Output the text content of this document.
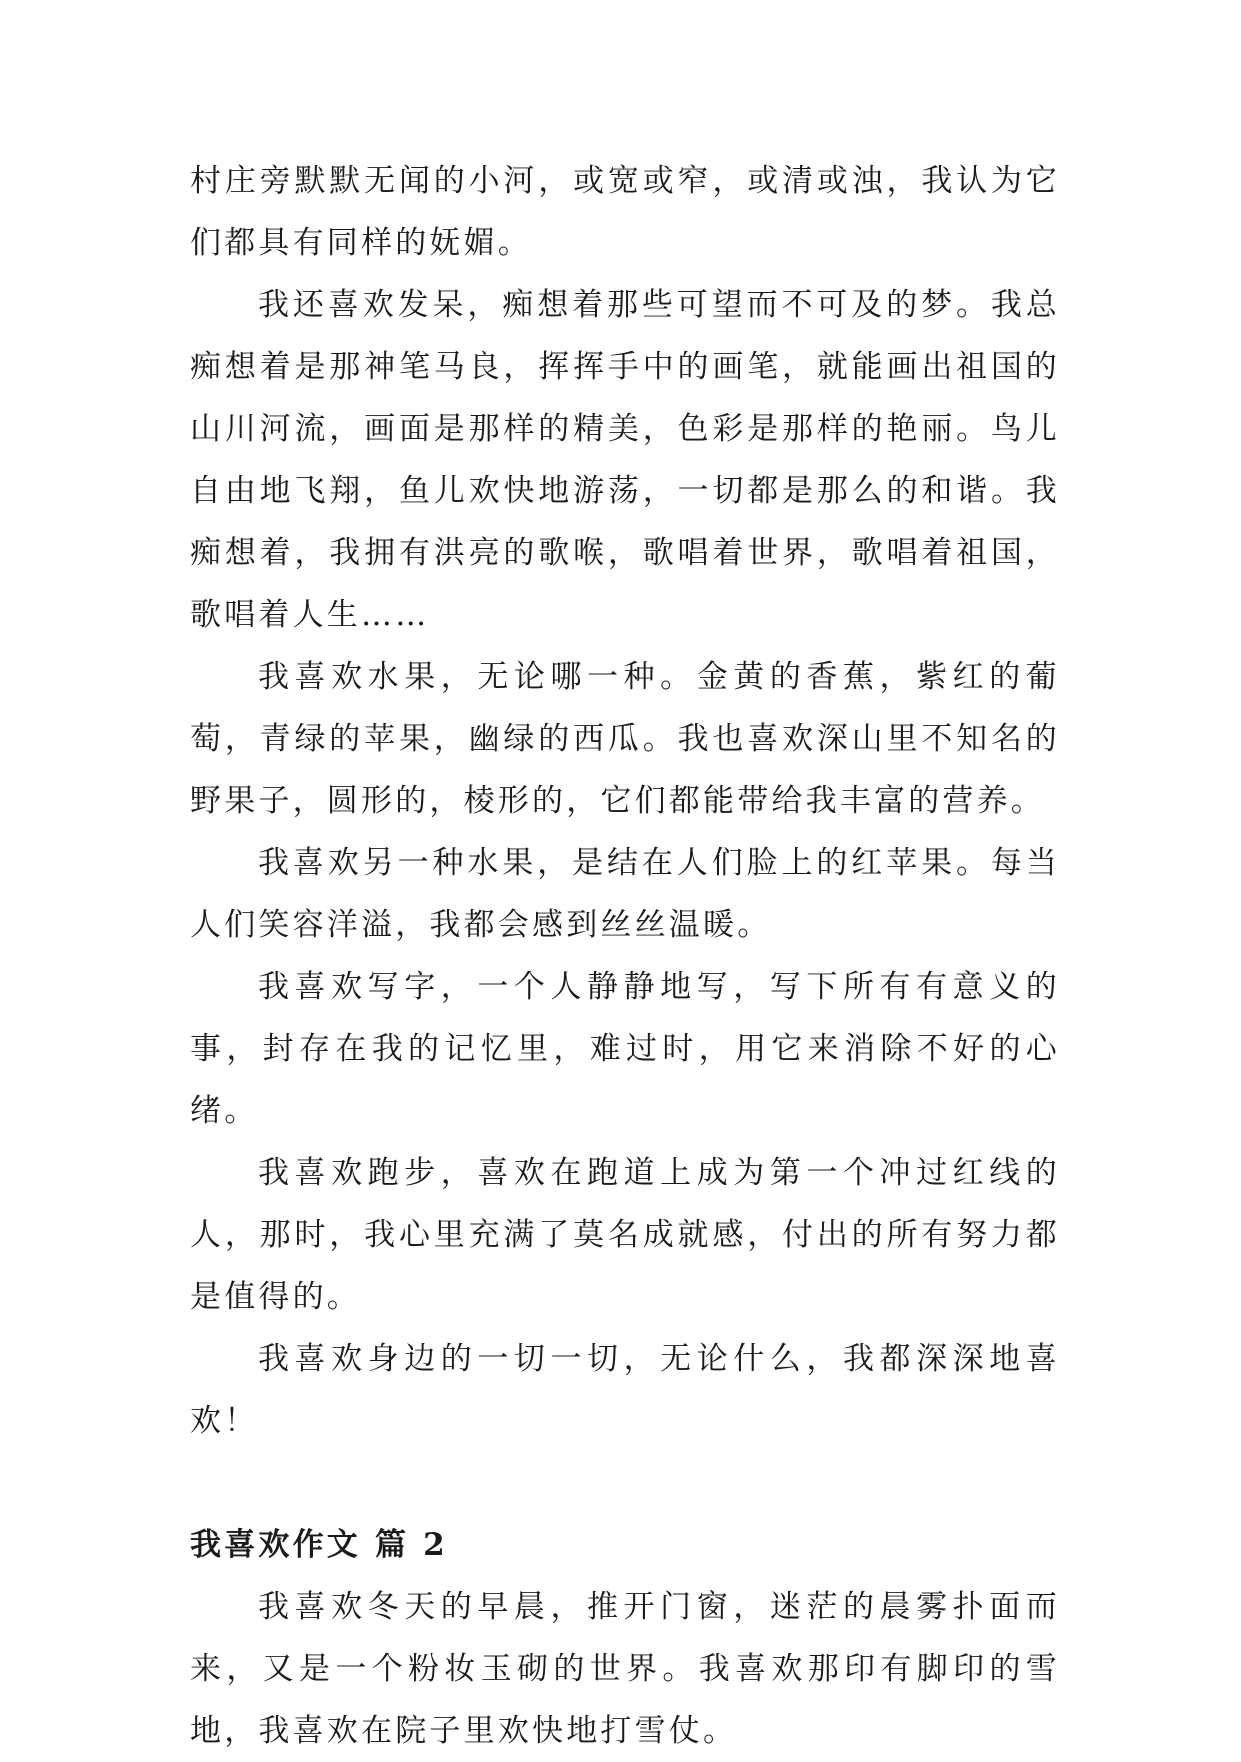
村庄旁默默无闻的小河，或宽或窄，或清或浊，我认为它们都具有同样的妩媚。

我还喜欢发呆，痴想着那些可望而不可及的梦。我总痴想着是那神笔马良，挥挥手中的画笔，就能画出祖国的山川河流，画面是那样的精美，色彩是那样的艳丽。鸟儿自由地飞翔，鱼儿欢快地游荡，一切都是那么的和谐。我痴想着，我拥有洪亮的歌喉，歌唱着世界，歌唱着祖国，歌唱着人生……

我喜欢水果，无论哪一种。金黄的香蕉，紫红的葡萄，青绿的苹果，幽绿的西瓜。我也喜欢深山里不知名的野果子，圆形的，棱形的，它们都能带给我丰富的营养。

我喜欢另一种水果，是结在人们脸上的红苹果。每当人们笑容洋溢，我都会感到丝丝温暖。

我喜欢写字，一个人静静地写，写下所有有意义的事，封存在我的记忆里，难过时，用它来消除不好的心绪。

我喜欢跑步，喜欢在跑道上成为第一个冲过红线的人，那时，我心里充满了莫名成就感，付出的所有努力都是值得的。

我喜欢身边的一切一切，无论什么，我都深深地喜欢！

我喜欢作文 篇 2

我喜欢冬天的早晨，推开门窗，迷茫的晨雾扑面而来，又是一个粉妆玉砌的世界。我喜欢那印有脚印的雪地，我喜欢在院子里欢快地打雪仗。
